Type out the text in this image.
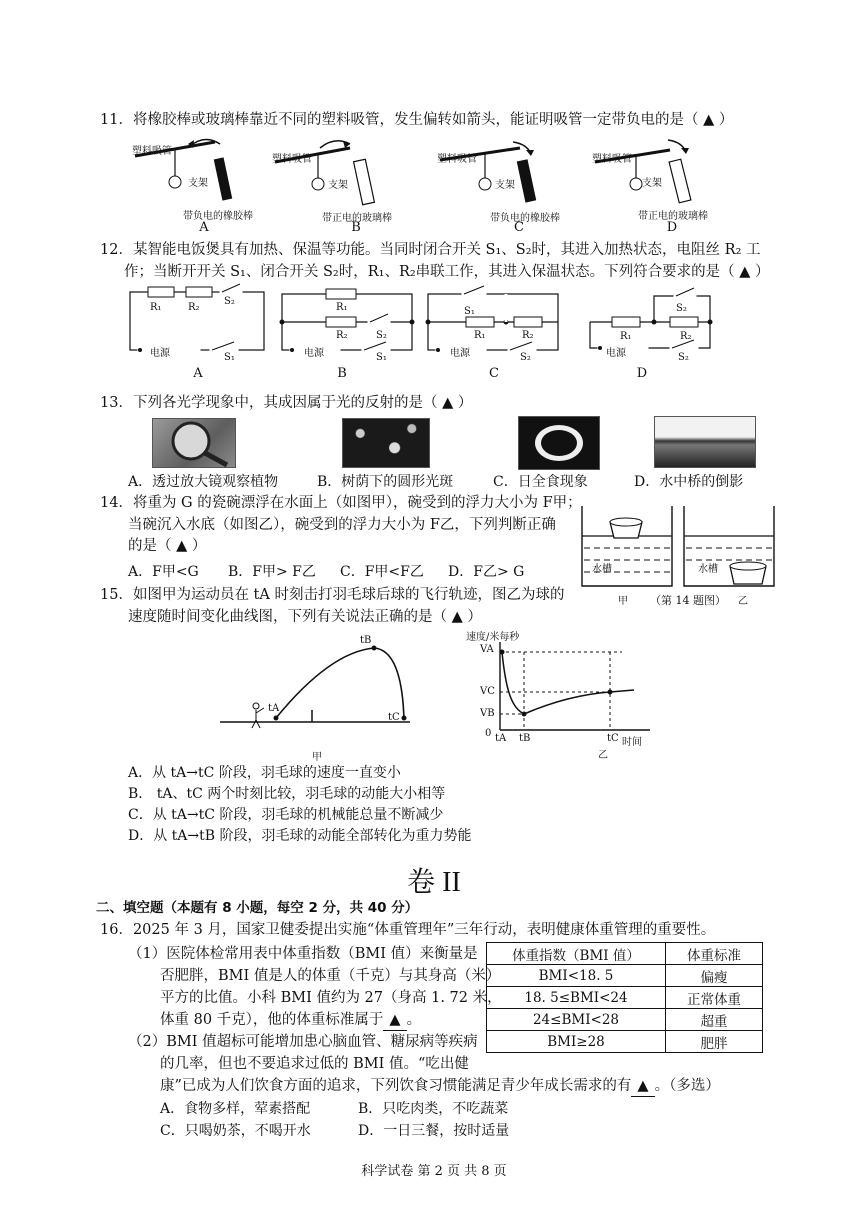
11．将橡胶棒或玻璃棒靠近不同的塑料吸管，发生偏转如箭头，能证明吸管一定带负电的是（ ▲ ）
塑料吸管
支架
带负电的橡胶棒
A
塑料吸管
支架
带正电的玻璃棒
B
塑料吸管
支架
带负电的橡胶棒
C
塑料吸管
支架
带正电的玻璃棒
D
12．某智能电饭煲具有加热、保温等功能。当同时闭合开关 S₁、S₂时，其进入加热状态，电阻丝 R₂ 工
作；当断开开关 S₁、闭合开关 S₂时，R₁、R₂串联工作，其进入保温状态。下列符合要求的是（ ▲ ）
R₁	R₂
S₂
电源	S₁
A
R₁
R₂	S₂
电源	S₁
B
S₁
R₁	R₂
电源	S₂
C
S₂
R₁	R₂
电源	S₂
D
13．下列各光学现象中，其成因属于光的反射的是（ ▲ ）
A．透过放大镜观察植物	B．树荫下的圆形光斑	C．日全食现象	D．水中桥的倒影
14．将重为 G 的瓷碗漂浮在水面上（如图甲），碗受到的浮力大小为 F甲；
当碗沉入水底（如图乙），碗受到的浮力大小为 F乙，下列判断正确
的是（ ▲ ）
A．F甲<G B．F甲> F乙 C．F甲<F乙 D．F乙> G	水槽	水槽
甲 （第 14 题图） 乙
15．如图甲为运动员在 tA 时刻击打羽毛球后球的飞行轨迹，图乙为球的
速度随时间变化曲线图，下列有关说法正确的是（ ▲ ）
tA
tB
tC
甲
速度/米每秒
VA
VC
VB
0 tA tB	tC 时间
乙
A．从 tA→tC 阶段，羽毛球的速度一直变小
B． tA、tC 两个时刻比较，羽毛球的动能大小相等
C．从 tA→tC 阶段，羽毛球的机械能总量不断减少
D．从 tA→tB 阶段，羽毛球的动能全部转化为重力势能
卷 II
二、填空题（本题有 8 小题，每空 2 分，共 40 分）
16．2025 年 3 月，国家卫健委提出实施“体重管理年”三年行动，表明健康体重管理的重要性。
（1）医院体检常用表中体重指数（BMI 值）来衡量是
否肥胖，BMI 值是人的体重（千克）与其身高（米）
平方的比值。小科 BMI 值约为 27（身高 1. 72 米，
体重 80 千克），他的体重标准属于 ▲ 。
（2）BMI 值超标可能增加患心脑血管、糖尿病等疾病
的几率，但也不要追求过低的 BMI 值。“吃出健
康”已成为人们饮食方面的追求，下列饮食习惯能满足青少年成长需求的有 ▲ 。（多选）
A．食物多样，荤素搭配	B．只吃肉类，不吃蔬菜
C．只喝奶茶，不喝开水	D．一日三餐，按时适量
体重指数（BMI 值）	体重标准
BMI<18. 5	偏瘦
18. 5≤BMI<24	正常体重
24≤BMI<28	超重
BMI≥28	肥胖
科学试卷 第 2 页 共 8 页
